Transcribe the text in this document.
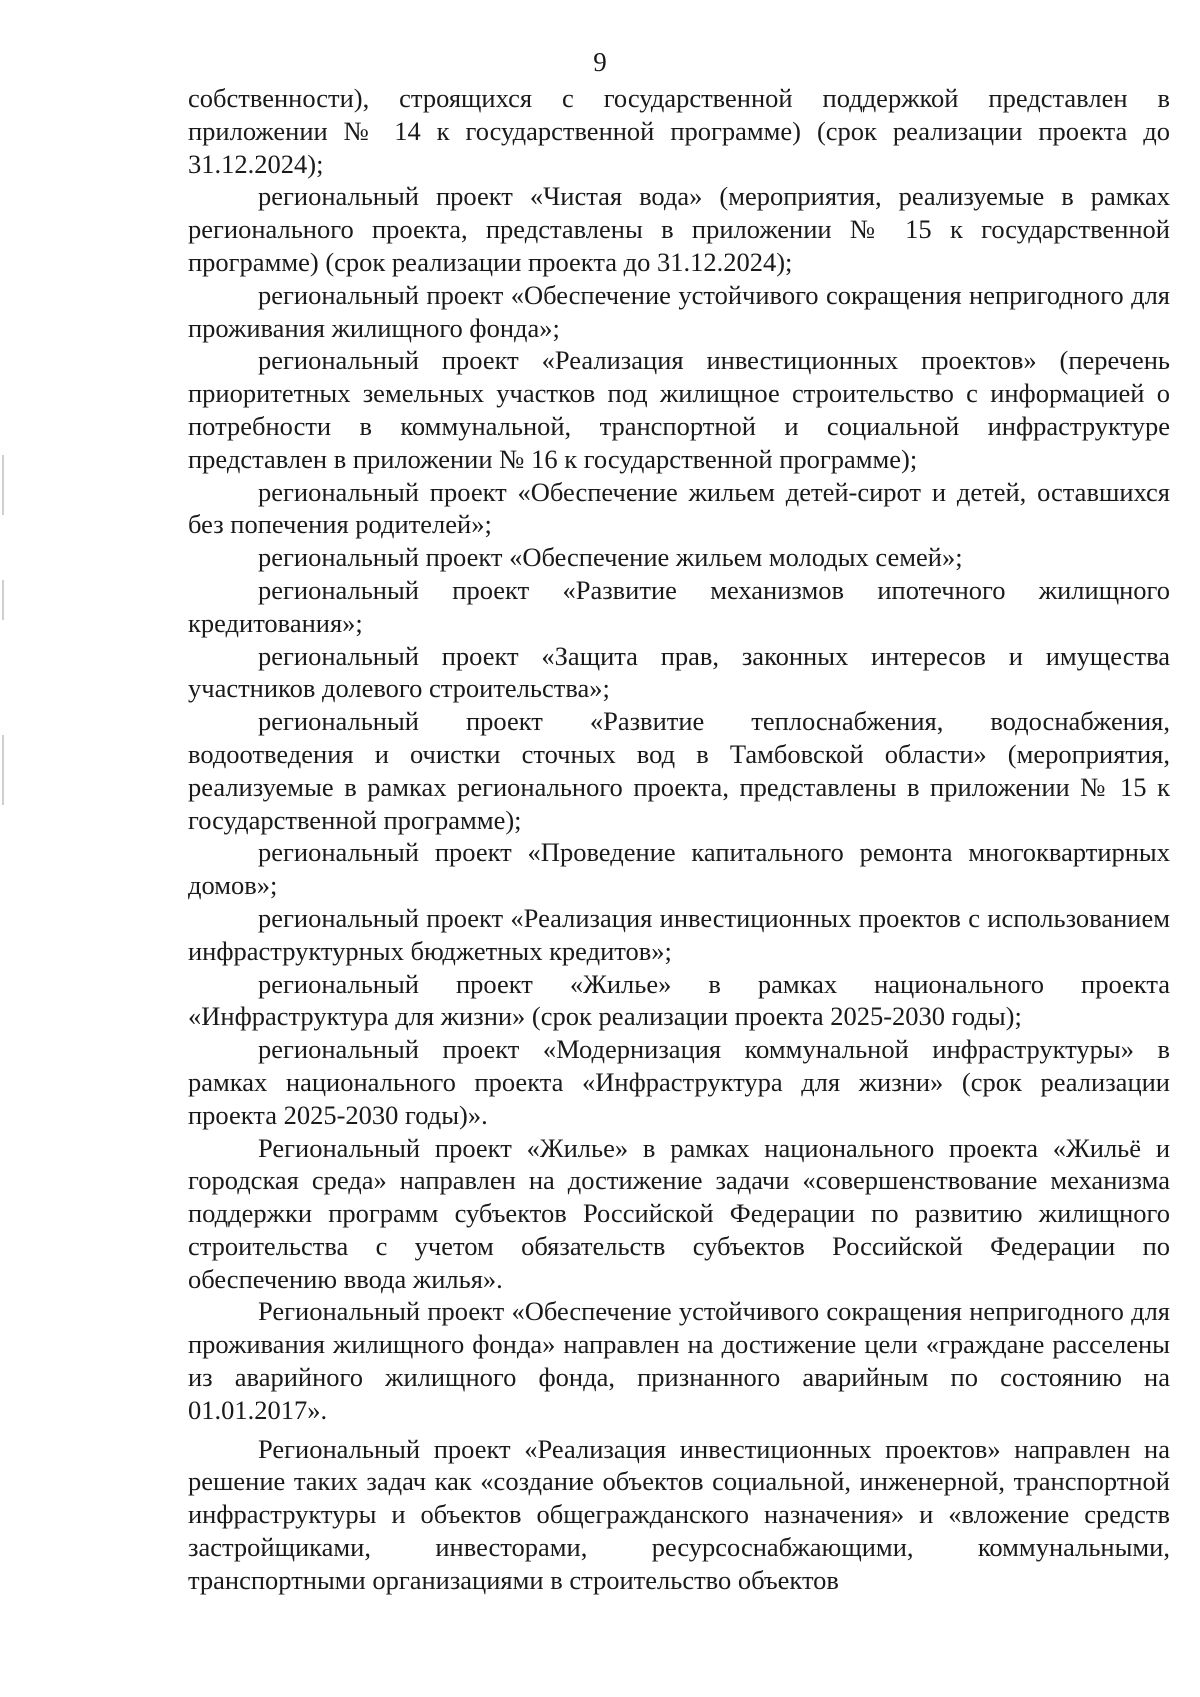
9

собственности), строящихся с государственной поддержкой представлен в приложении № 14 к государственной программе) (срок реализации проекта до 31.12.2024);

региональный проект «Чистая вода» (мероприятия, реализуемые в рамках регионального проекта, представлены в приложении № 15 к государственной программе) (срок реализации проекта до 31.12.2024);

региональный проект «Обеспечение устойчивого сокращения непригодного для проживания жилищного фонда»;

региональный проект «Реализация инвестиционных проектов» (перечень приоритетных земельных участков под жилищное строительство с информацией о потребности в коммунальной, транспортной и социальной инфраструктуре представлен в приложении № 16 к государственной программе);

региональный проект «Обеспечение жильем детей-сирот и детей, оставшихся без попечения родителей»;

региональный проект «Обеспечение жильем молодых семей»;

региональный проект «Развитие механизмов ипотечного жилищного кредитования»;

региональный проект «Защита прав, законных интересов и имущества участников долевого строительства»;

региональный проект «Развитие теплоснабжения, водоснабжения, водоотведения и очистки сточных вод в Тамбовской области» (мероприятия, реализуемые в рамках регионального проекта, представлены в приложении № 15 к государственной программе);

региональный проект «Проведение капитального ремонта многоквартирных домов»;

региональный проект «Реализация инвестиционных проектов с использованием инфраструктурных бюджетных кредитов»;

региональный проект «Жилье» в рамках национального проекта «Инфраструктура для жизни» (срок реализации проекта 2025-2030 годы);

региональный проект «Модернизация коммунальной инфраструктуры» в рамках национального проекта «Инфраструктура для жизни» (срок реализации проекта 2025-2030 годы)».

Региональный проект «Жилье» в рамках национального проекта «Жильё и городская среда» направлен на достижение задачи «совершенствование механизма поддержки программ субъектов Российской Федерации по развитию жилищного строительства с учетом обязательств субъектов Российской Федерации по обеспечению ввода жилья».

Региональный проект «Обеспечение устойчивого сокращения непригодного для проживания жилищного фонда» направлен на достижение цели «граждане расселены из аварийного жилищного фонда, признанного аварийным по состоянию на 01.01.2017».

Региональный проект «Реализация инвестиционных проектов» направлен на решение таких задач как «создание объектов социальной, инженерной, транспортной инфраструктуры и объектов общегражданского назначения» и «вложение средств застройщиками, инвесторами, ресурсоснабжающими, коммунальными, транспортными организациями в строительство объектов
